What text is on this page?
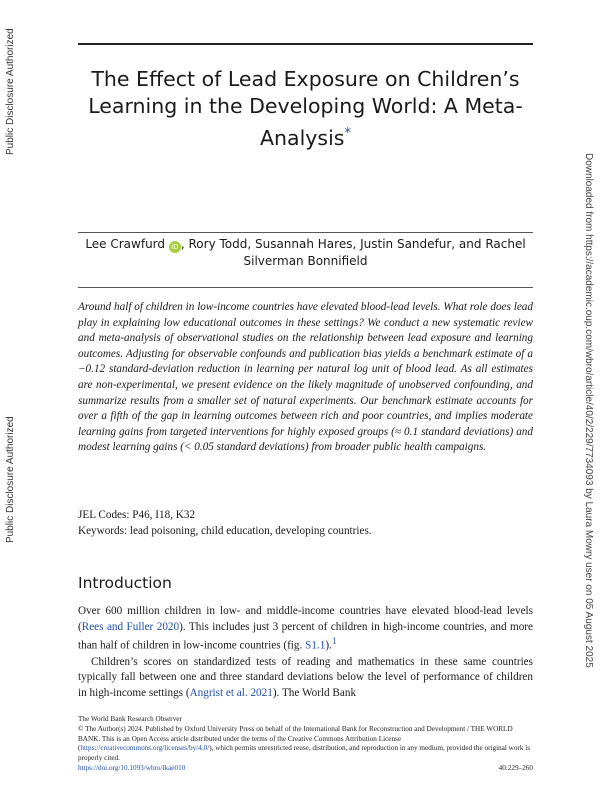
Public Disclosure Authorized
Public Disclosure Authorized	Downloaded from https://academic.oup.com/wbro/article/40/2/229/7734093 by Laura Mowry user on 05 August 2025
The Effect of Lead Exposure on Children’s Learning in the Developing World: A Meta-Analysis*
Lee Crawfurd iD , Rory Todd, Susannah Hares, Justin Sandefur, and Rachel Silverman Bonnifield

Around half of children in low-income countries have elevated blood-lead levels. What role does lead play in explaining low educational outcomes in these settings? We conduct a new systematic review and meta-analysis of observational studies on the relationship between lead exposure and learning outcomes. Adjusting for observable confounds and publication bias yields a benchmark estimate of a −0.12 standard-deviation reduction in learning per natural log unit of blood lead. As all estimates are non-experimental, we present evidence on the likely magnitude of unobserved confounding, and summarize results from a smaller set of natural experiments. Our benchmark estimate accounts for over a fifth of the gap in learning outcomes between rich and poor countries, and implies moderate learning gains from targeted interventions for highly exposed groups (≈ 0.1 standard deviations) and modest learning gains (< 0.05 standard deviations) from broader public health campaigns.

JEL Codes: P46, I18, K32
Keywords: lead poisoning, child education, developing countries.
Introduction

Over 600 million children in low- and middle-income countries have elevated blood-lead levels (Rees and Fuller 2020). This includes just 3 percent of children in high-income countries, and more than half of children in low-income countries (fig. S1.1).$^1$

Children’s scores on standardized tests of reading and mathematics in these same countries typically fall between one and three standard deviations below the level of performance of children in high-income settings (Angrist et al. 2021). The World Bank

The World Bank Research Observer
© The Author(s) 2024. Published by Oxford University Press on behalf of the International Bank for Reconstruction and Development / THE WORLD BANK. This is an Open Access article distributed under the terms of the Creative Commons Attribution License (https://creativecommons.org/licenses/by/4.0/), which permits unrestricted reuse, distribution, and reproduction in any medium, provided the original work is properly cited.
https://doi.org/10.1093/wbro/lkae010	40:229–260
